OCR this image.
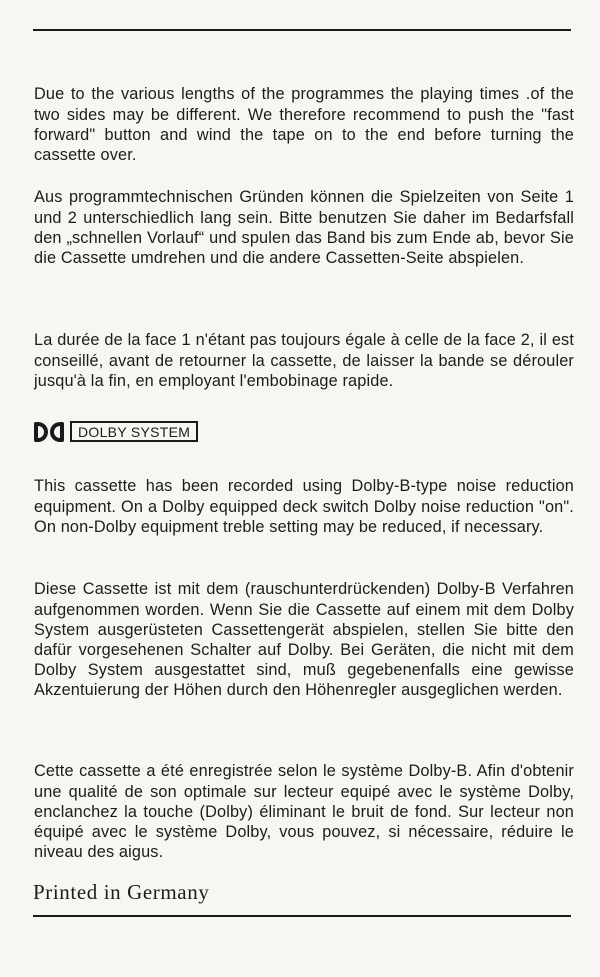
Due to the various lengths of the programmes the playing times .of the two sides may be different. We therefore recommend to push the "fast forward" button and wind the tape on to the end before turning the cassette over.

Aus programmtechnischen Gründen können die Spielzeiten von Seite 1 und 2 unterschiedlich lang sein. Bitte benutzen Sie daher im Bedarfsfall den „schnellen Vorlauf“ und spulen das Band bis zum Ende ab, bevor Sie die Cassette umdrehen und die andere Cassetten-Seite abspielen.

La durée de la face 1 n'étant pas toujours égale à celle de la face 2, il est conseillé, avant de retourner la cassette, de laisser la bande se dérouler jusqu'à la fin, en employant l'embobinage rapide.

DOLBY SYSTEM

This cassette has been recorded using Dolby-B-type noise reduction equipment. On a Dolby equipped deck switch Dolby noise reduction "on". On non-Dolby equipment treble setting may be reduced, if necessary.

Diese Cassette ist mit dem (rauschunterdrückenden) Dolby-B Verfahren aufgenommen worden. Wenn Sie die Cassette auf einem mit dem Dolby System ausgerüsteten Cassettengerät abspielen, stellen Sie bitte den dafür vorgesehenen Schalter auf Dolby. Bei Geräten, die nicht mit dem Dolby System ausgestattet sind, muß gegebenenfalls eine gewisse Akzentuierung der Höhen durch den Höhenregler ausgeglichen werden.

Cette cassette a été enregistrée selon le système Dolby-B. Afin d'obtenir une qualité de son optimale sur lecteur equipé avec le système Dolby, enclanchez la touche (Dolby) éliminant le bruit de fond. Sur lecteur non équipé avec le système Dolby, vous pouvez, si nécessaire, réduire le niveau des aigus.

Printed in Germany
